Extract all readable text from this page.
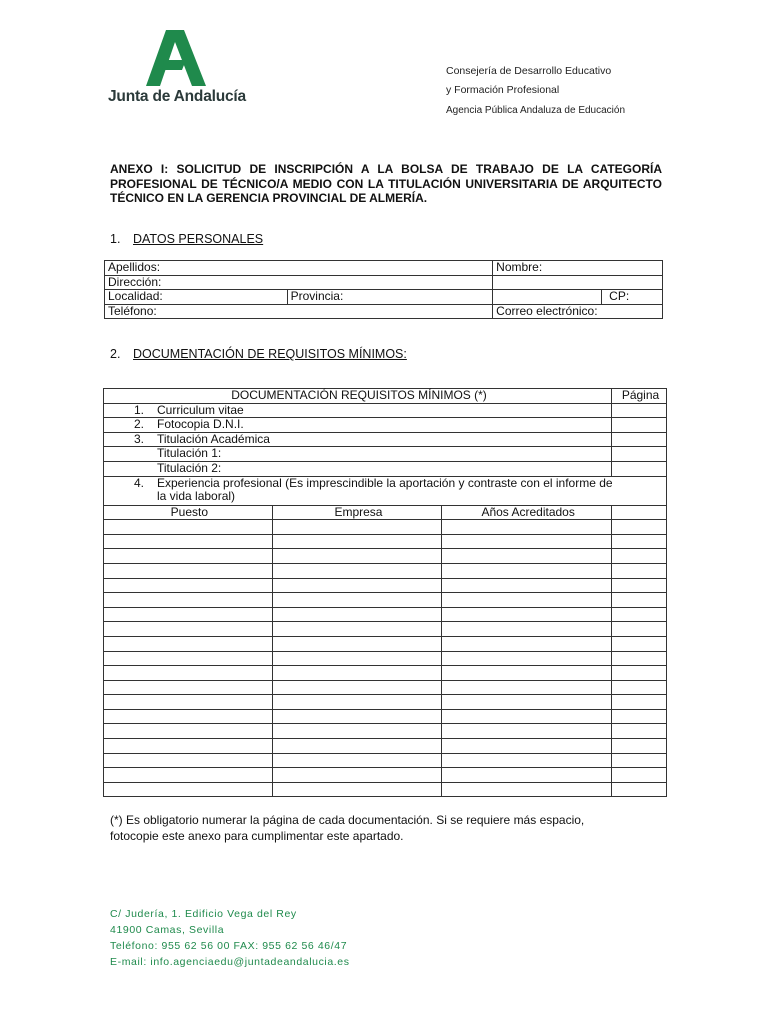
Junta de Andalucía
Consejería de Desarrollo Educativo
y Formación Profesional
Agencia Pública Andaluza de Educación
ANEXO I: SOLICITUD DE INSCRIPCIÓN A LA BOLSA DE TRABAJO DE LA CATEGORÍA PROFESIONAL DE TÉCNICO/A MEDIO CON LA TITULACIÓN UNIVERSITARIA DE ARQUITECTO TÉCNICO EN LA GERENCIA PROVINCIAL DE ALMERÍA.
1. DATOS PERSONALES
Apellidos:		Nombre:
Dirección:		
Localidad:	Provincia:	CP:
Teléfono:		Correo electrónico:
2. DOCUMENTACIÓN DE REQUISITOS MÍNIMOS:
DOCUMENTACIÓN REQUISITOS MÍNIMOS (*)			Página
1. Curriculum vitae			
2. Fotocopia D.N.I.			
3. Titulación Académica			
Titulación 1:			
Titulación 2:			
4. Experiencia profesional (Es imprescindible la aportación y contraste con el informe de
la vida laboral)			
Puesto	Empresa	Años Acreditados	

(*) Es obligatorio numerar la página de cada documentación. Si se requiere más espacio,
fotocopie este anexo para cumplimentar este apartado.
C/ Judería, 1. Edificio Vega del Rey
41900 Camas, Sevilla
Teléfono: 955 62 56 00 FAX: 955 62 56 46/47
E-mail: info.agenciaedu@juntadeandalucia.es
